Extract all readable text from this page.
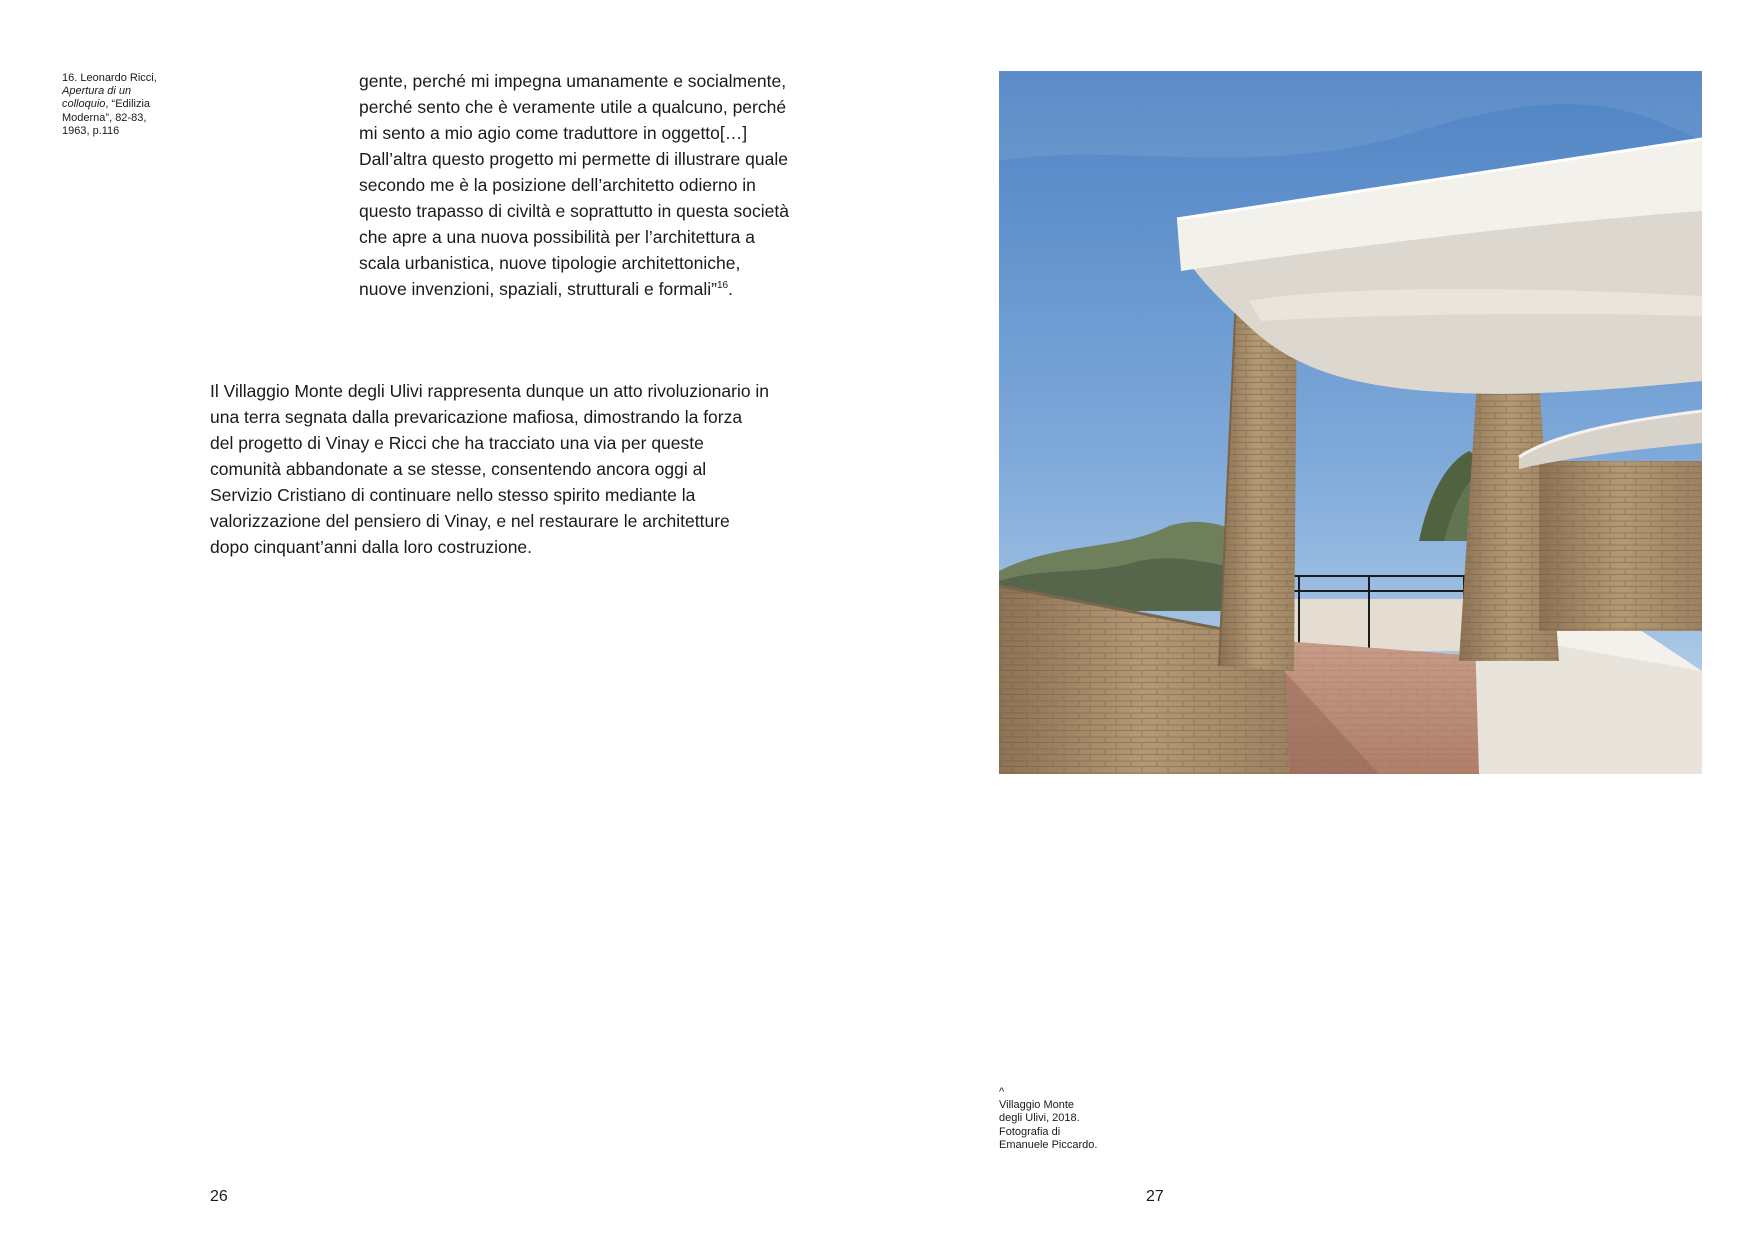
16. Leonardo Ricci, Apertura di un colloquio, “Edilizia Moderna”, 82-83, 1963, p.116

gente, perché mi impegna umanamente e socialmente, perché sento che è veramente utile a qualcuno, perché mi sento a mio agio come traduttore in oggetto[…] Dall’altra questo progetto mi permette di illustrare quale secondo me è la posizione dell’architetto odierno in questo trapasso di civiltà e soprattutto in questa società che apre a una nuova possibilità per l’architettura a scala urbanistica, nuove tipologie architettoniche, nuove invenzioni, spaziali, strutturali e formali”$^{16}$.

Il Villaggio Monte degli Ulivi rappresenta dunque un atto rivoluzionario in una terra segnata dalla prevaricazione mafiosa, dimostrando la forza del progetto di Vinay e Ricci che ha tracciato una via per queste comunità abbandonate a se stesse, consentendo ancora oggi al Servizio Cristiano di continuare nello stesso spirito mediante la valorizzazione del pensiero di Vinay, e nel restaurare le architetture dopo cinquant’anni dalla loro costruzione.

26

^
Villaggio Monte
degli Ulivi, 2018.
Fotografia di
Emanuele Piccardo.

27
